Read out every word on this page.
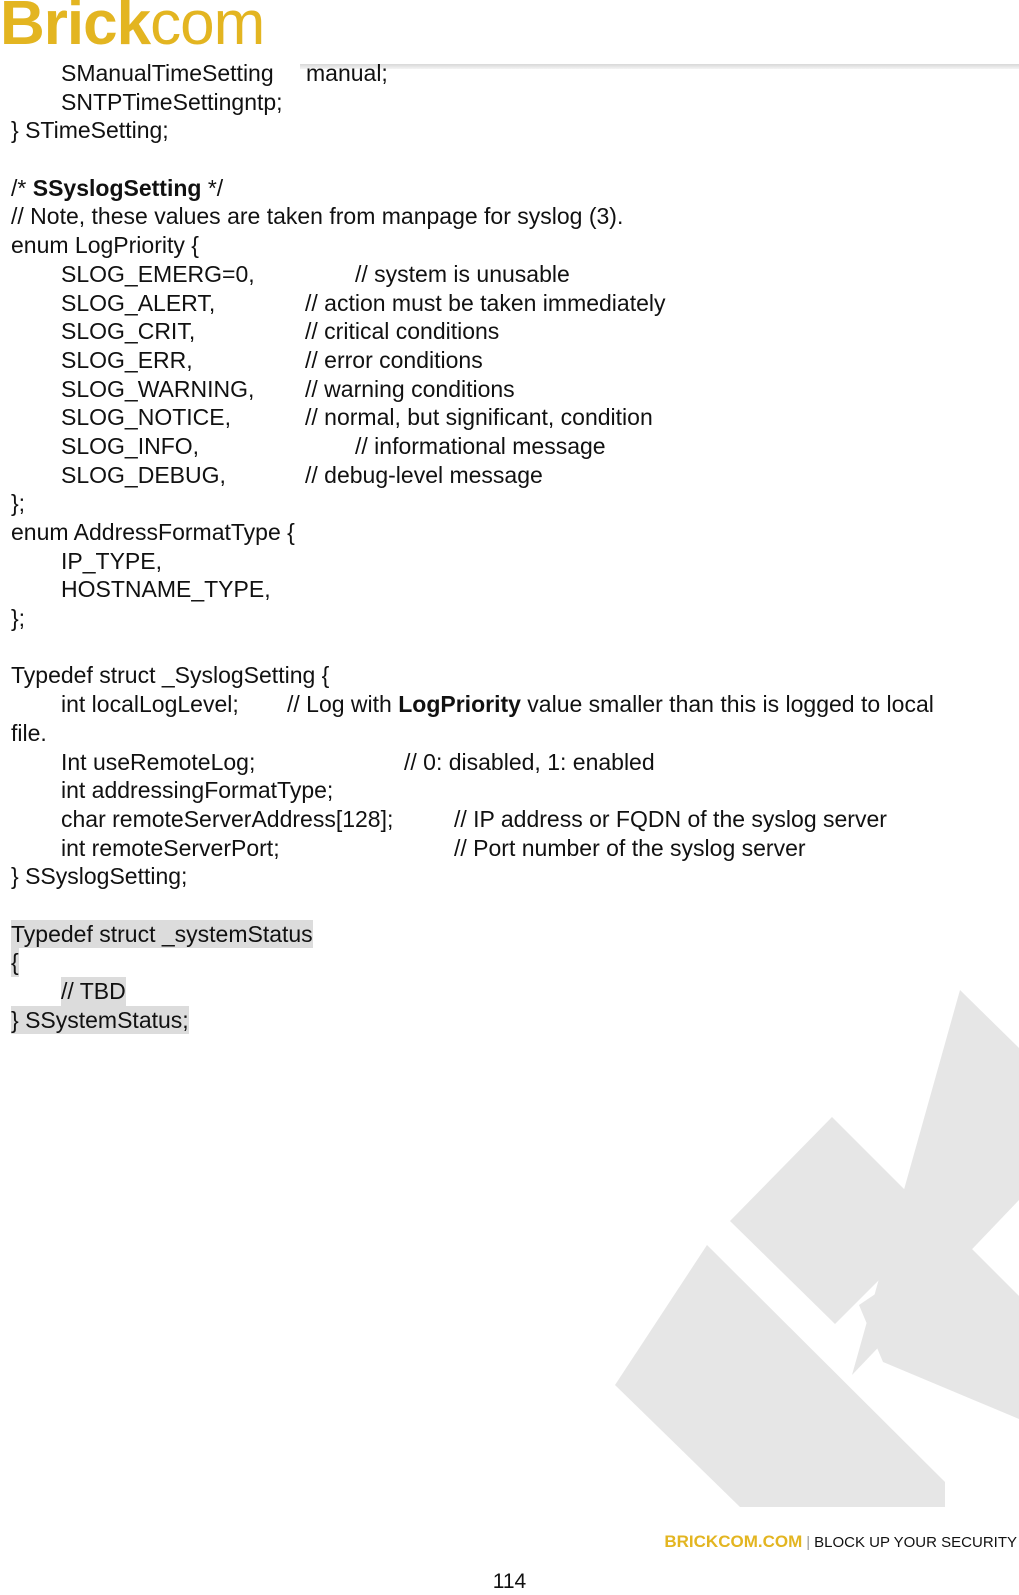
Brickcom
SManualTimeSetting manual;
SNTPTimeSettingntp;
} STimeSetting;
/* SSyslogSetting */
// Note, these values are taken from manpage for syslog (3).
enum LogPriority {
SLOG_EMERG=0,	// system is unusable
SLOG_ALERT,	// action must be taken immediately
SLOG_CRIT,	// critical conditions
SLOG_ERR,	// error conditions
SLOG_WARNING, // warning conditions
SLOG_NOTICE,	// normal, but significant, condition
SLOG_INFO,	// informational message
SLOG_DEBUG,	// debug-level message
};
enum AddressFormatType {
IP_TYPE,
HOSTNAME_TYPE,
};
Typedef struct _SyslogSetting {
int localLogLevel; // Log with LogPriority value smaller than this is logged to local
file.
Int useRemoteLog;	// 0: disabled, 1: enabled
int addressingFormatType;
char remoteServerAddress[128];	// IP address or FQDN of the syslog server
int remoteServerPort;	// Port number of the syslog server
} SSyslogSetting;
Typedef struct _systemStatus
{
// TBD
} SSystemStatus;
BRICKCOM.COM | BLOCK UP YOUR SECURITY
114
